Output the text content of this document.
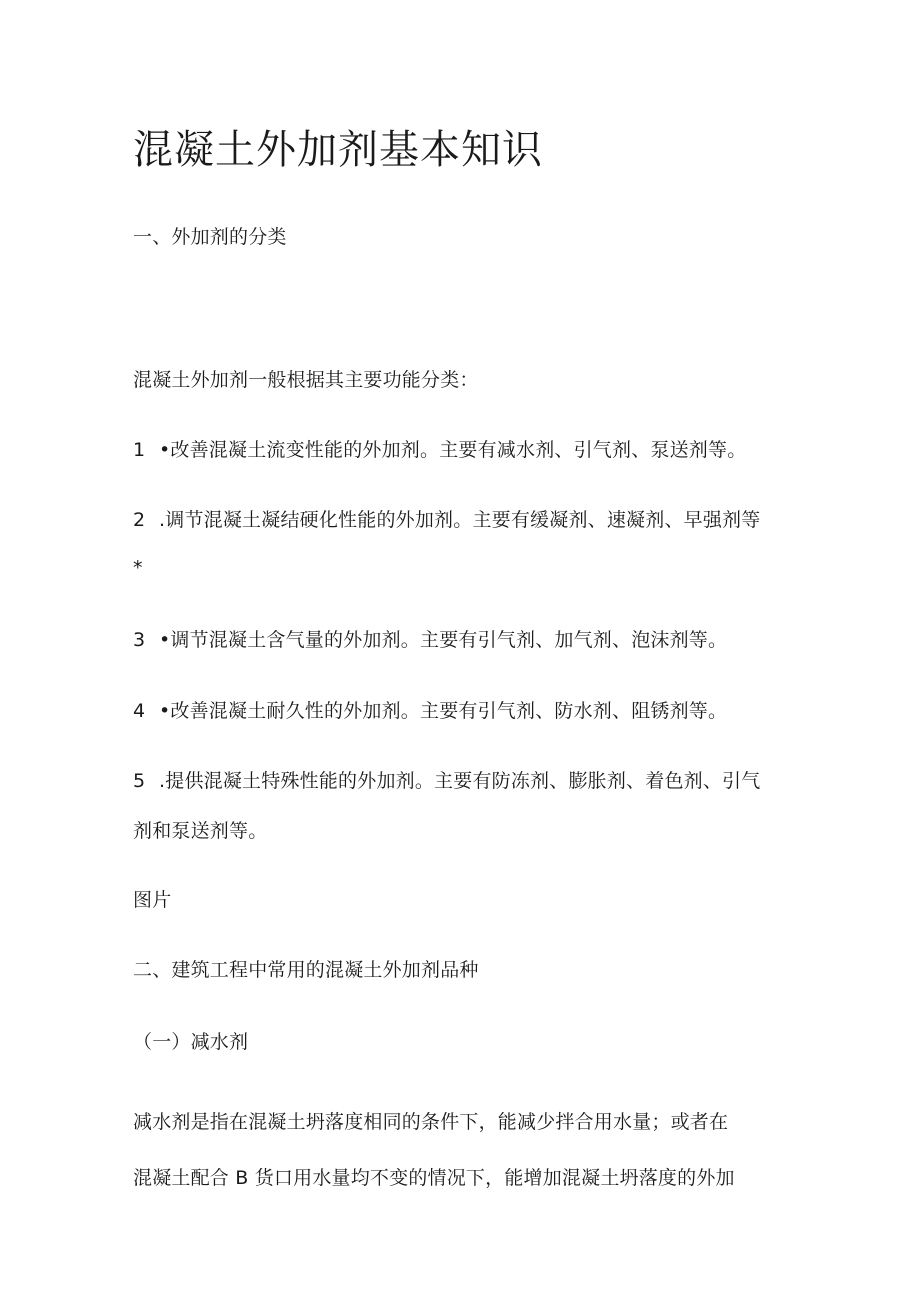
混凝土外加剂基本知识
一、外加剂的分类
混凝土外加剂一般根据其主要功能分类：
1 •改善混凝土流变性能的外加剂。主要有减水剂、引气剂、泵送剂等。
2 .调节混凝土凝结硬化性能的外加剂。主要有缓凝剂、速凝剂、早强剂等
*
3 •调节混凝土含气量的外加剂。主要有引气剂、加气剂、泡沫剂等。
4 •改善混凝土耐久性的外加剂。主要有引气剂、防水剂、阻锈剂等。
5 .提供混凝土特殊性能的外加剂。主要有防冻剂、膨胀剂、着色剂、引气
剂和泵送剂等。
图片
二、建筑工程中常用的混凝土外加剂品种
（一）减水剂
减水剂是指在混凝土坍落度相同的条件下，能减少拌合用水量；或者在
混凝土配合 B 货口用水量均不变的情况下，能增加混凝土坍落度的外加
